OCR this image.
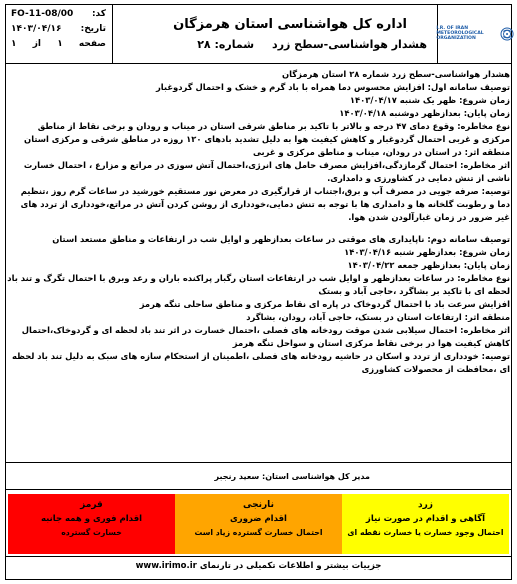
کد:
FO-11-08/00
تاریخ:
۱۴۰۳/۰۴/۱۶
صفحه
۱
از
۱
اداره کل هواشناسی استان هرمزگان
هشدار هواشناسی-سطح زرد
شماره: ۲۸
I.R. OF IRAN METEOROLOGICAL ORGANIZATION

هشدار هواشناسی-سطح زرد شماره ۲۸ استان هرمزگان

توصیف سامانه اول: افزایش محسوس دما همراه با باد گرم و خشک و احتمال گردوغبار

زمان شروع: ظهر یک شنبه ۱۴۰۳/۰۴/۱۷

زمان پایان: بعدازظهر دوشنبه ۱۴۰۳/۰۴/۱۸

نوع مخاطره: وقوع دمای ۴۷ درجه و بالاتر با تاکید بر مناطق شرقی استان در میناب و رودان و برخی نقاط از مناطق مرکزی و غربی احتمال گردوغبار و کاهش کیفیت هوا به دلیل تشدید بادهای ۱۲۰ روزه در مناطق شرقی و مرکزی استان

منطقه اثر: در استان در رودان، میناب و مناطق مرکزی و غربی

اثر مخاطره: احتمال گرمازدگی،افزایش مصرف حامل های انرژی،احتمال آتش سوزی در مراتع و مزارع ، احتمال خسارت ناشی از تنش دمایی در کشاورزی و دامداری.

توصیه: صرفه جویی در مصرف آب و برق،اجتناب از قرارگیری در معرض نور مستقیم خورشید در ساعات گرم روز ،تنظیم دما و رطوبت گلخانه ها و دامداری ها با توجه به تنش دمایی،خودداری از روشن کردن آتش در مراتع،خودداری از تردد های غیر ضرور در زمان غبارآلودن شدن هوا.

توصیف سامانه دوم: ناپایداری های موقتی در ساعات بعدازظهر و اوایل شب در ارتفاعات و مناطق مستعد استان

زمان شروع: بعدازظهر شنبه ۱۴۰۳/۰۴/۱۶

زمان پایان: بعدازظهر جمعه ۱۴۰۳/۰۴/۲۲

نوع مخاطره: در ساعات بعدازظهر و اوایل شب در ارتفاعات استان رگبار پراکنده باران و رعد وبرق با احتمال تگرگ و تند باد لحظه ای با تاکید بر بشاگرد ،حاجی آباد و بستک

افزایش سرعت باد با احتمال گردوخاک در پاره ای نقاط مرکزی و مناطق ساحلی تنگه هرمز

منطقه اثر: ارتفاعات استان در بستک، حاجی آباد، رودان، بشاگرد

اثر مخاطره: احتمال سیلابی شدن موقت رودخانه های فصلی ،احتمال خسارت در اثر تند باد لحظه ای و گردوخاک،احتمال کاهش کیفیت هوا در برخی نقاط مرکزی استان و سواحل تنگه هرمز

توصیه: خودداری از تردد و اسکان در حاشیه رودخانه های فصلی ،اطمینان از استحکام سازه های سبک به دلیل تند باد لحظه ای ،محافظت از محصولات کشاورزی

مدیر کل هواشناسی استان: سعید رنجبر
قرمز
اقدام فوری و همه جانبه
خسارت گسترده
نارنجی
اقدام ضروری
احتمال خسارت گسترده زیاد است
زرد
آگاهی و اقدام در صورت نیاز
احتمال وجود خسارت یا خسارت نقطه ای
جزییات بیشتر و اطلاعات تکمیلی در تارنمای www.irimo.ir
